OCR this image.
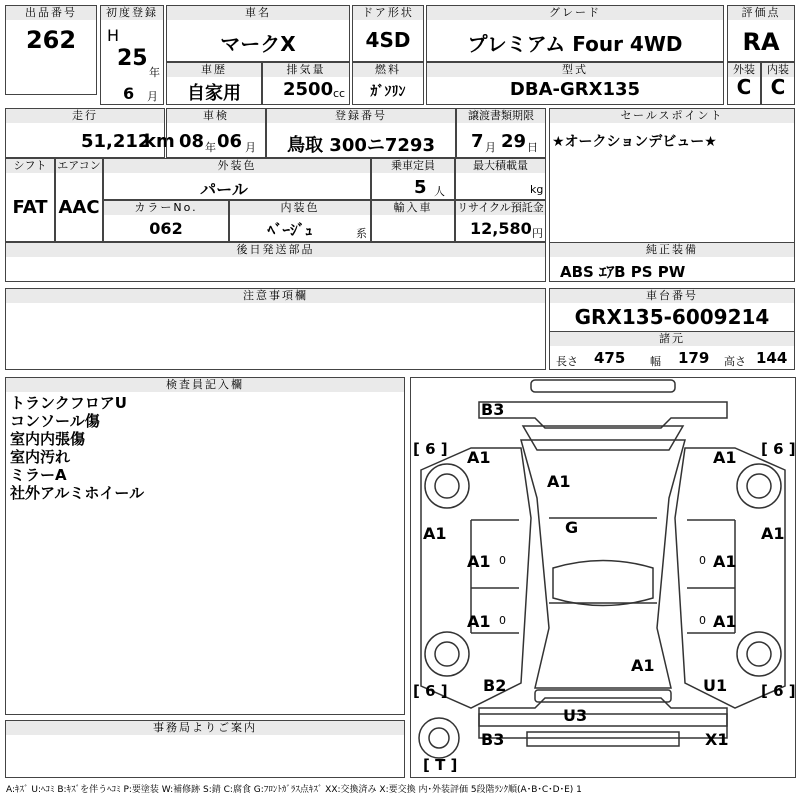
出品番号
262
初度登録
H
25
年
6 月
車名
マークX
ドア形状
4SD
グレード
プレミアム Four 4WD
評価点
RA
車歴
自家用
排気量
2500 cc
燃料
ｶﾞｿﾘﾝ
型式
DBA-GRX135
外装
C
内装
C
走行
51,212
km
車検
08 年 06 月
登録番号
鳥取 300ニ7293
譲渡書類期限
7 月 29 日
セールスポイント
★オークションデビュー★
シフト
FAT
エアコン
AAC
外装色
パール
乗車定員
5 人
最大積載量
kg
カラーNo.
062
内装色
ﾍﾞｰｼﾞｭ	系
輸入車	リサイクル預託金
12,580 円
後日発送部品	純正装備
ABS ｴｱB PS PW
注意事項欄	車台番号
GRX135-6009214
諸元
長さ 475 幅 179 高さ 144
検査員記入欄
トランクフロアU
コンソール傷
室内内張傷
室内汚れ
ミラーA
社外アルミホイール
事務局よりご案内
[ 6 ]	[ 6 ]
[ 6 ]	[ 6 ]
[ T ]
B3
A1	A1
A1
A1	A1
A1	A1
G
A1	A1
A1
B2	U1
U3
B3	X1
0	0
0	0
A:ｷｽﾞ U:ﾍｺﾐ B:ｷｽﾞを伴うﾍｺﾐ P:要塗装 W:補修跡 S:錆 C:腐食 G:ﾌﾛﾝﾄｶﾞﾗｽ点ｷｽﾞ XX:交換済み X:要交換 内･外装評価 5段階ﾗﾝｸ順(A･B･C･D･E) 1
